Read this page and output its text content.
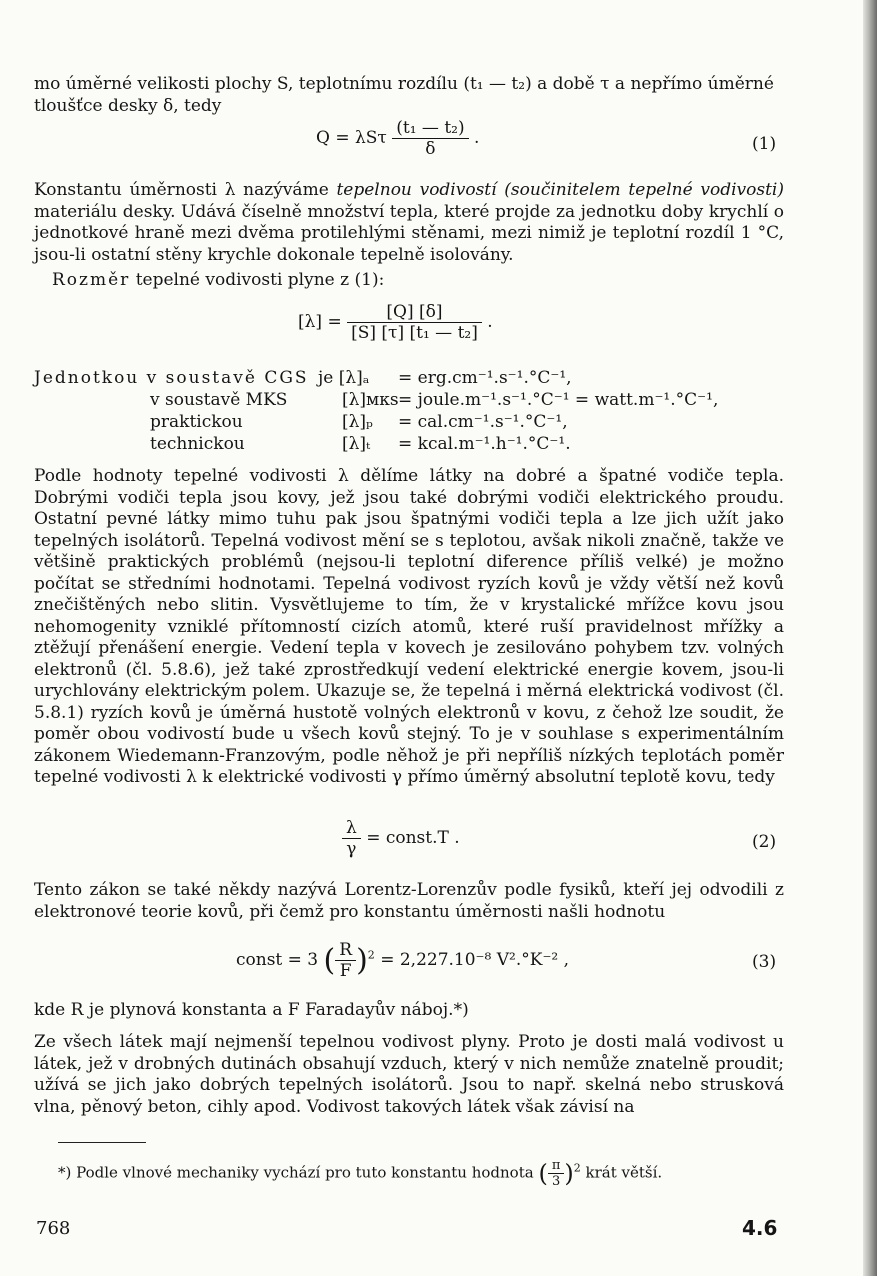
mo úměrné velikosti plochy S, teplotnímu rozdílu (t₁ — t₂) a době τ a nepřímo úměrné
tloušťce desky δ, tedy
Q = λSτ $\frac{\text{(t₁ — t₂)}}{\delta}$ .	(1)

Konstantu úměrnosti λ nazýváme tepelnou vodivostí (součinitelem tepelné vodivosti) materiálu desky. Udává číselně množství tepla, které projde za jednotku doby krychlí o jednotkové hraně mezi dvěma protilehlými stěnami, mezi nimiž je teplotní rozdíl 1 °C, jsou-li ostatní stěny krychle dokonale tepelně isolovány.

Rozměr tepelné vodivosti plyne z (1):
$[\lambda] = \frac{[Q] [\delta]}{\text{[S] [τ] [t₁ — t₂]}}$ .
Jednotkou v soustavě CGS je [λ]ₐ = erg.cm⁻¹.s⁻¹.°C⁻¹,
v soustavě MKS	[λ]ᴍᴋs = joule.m⁻¹.s⁻¹.°C⁻¹ = watt.m⁻¹.°C⁻¹,
praktickou	[λ]ₚ = cal.cm⁻¹.s⁻¹.°C⁻¹,
technickou	[λ]ₜ = kcal.m⁻¹.h⁻¹.°C⁻¹.

Podle hodnoty tepelné vodivosti λ dělíme látky na dobré a špatné vodiče tepla. Dobrými vodiči tepla jsou kovy, jež jsou také dobrými vodiči elektrického proudu. Ostatní pevné látky mimo tuhu pak jsou špatnými vodiči tepla a lze jich užít jako tepelných isolátorů. Tepelná vodivost mění se s teplotou, avšak nikoli značně, takže ve většině praktických problémů (nejsou-li teplotní diference příliš velké) je možno počítat se středními hodnotami. Tepelná vodivost ryzích kovů je vždy větší než kovů znečištěných nebo slitin. Vysvětlujeme to tím, že v krystalické mřížce kovu jsou nehomogenity vzniklé přítomností cizích atomů, které ruší pravidelnost mřížky a ztěžují přenášení energie. Vedení tepla v kovech je zesilováno pohybem tzv. volných elektronů (čl. 5.8.6), jež také zprostředkují vedení elektrické energie kovem, jsou-li urychlovány elektrickým polem. Ukazuje se, že tepelná i měrná elektrická vodivost (čl. 5.8.1) ryzích kovů je úměrná hustotě volných elektronů v kovu, z čehož lze soudit, že poměr obou vodivostí bude u všech kovů stejný. To je v souhlase s experimentálním zákonem Wiedemann-Franzovým, podle něhož je při nepříliš nízkých teplotách poměr tepelné vodivosti λ k elektrické vodivosti γ přímo úměrný absolutní teplotě kovu, tedy

$\frac{\lambda}{\gamma}$ = const.T .	(2)

Tento zákon se také někdy nazývá Lorentz-Lorenzův podle fysiků, kteří jej odvodili z elektronové teorie kovů, při čemž pro konstantu úměrnosti našli hodnotu

const = 3 ( $\frac{R}{F} )^2 = 2,227.10^{-8}$ V².°K⁻² ,	(3)
kde R je plynová konstanta a F Faradayův náboj.*)

Ze všech látek mají nejmenší tepelnou vodivost plyny. Proto je dosti malá vodivost u látek, jež v drobných dutinách obsahují vzduch, který v nich nemůže znatelně proudit; užívá se jich jako dobrých tepelných isolátorů. Jsou to např. skelná nebo strusková vlna, pěnový beton, cihly apod. Vodivost takových látek však závisí na

*) Podle vlnové mechaniky vychází pro tuto konstantu hodnota ( $\frac{\pi}{3} )^2$ krát větší.
768	4.6
